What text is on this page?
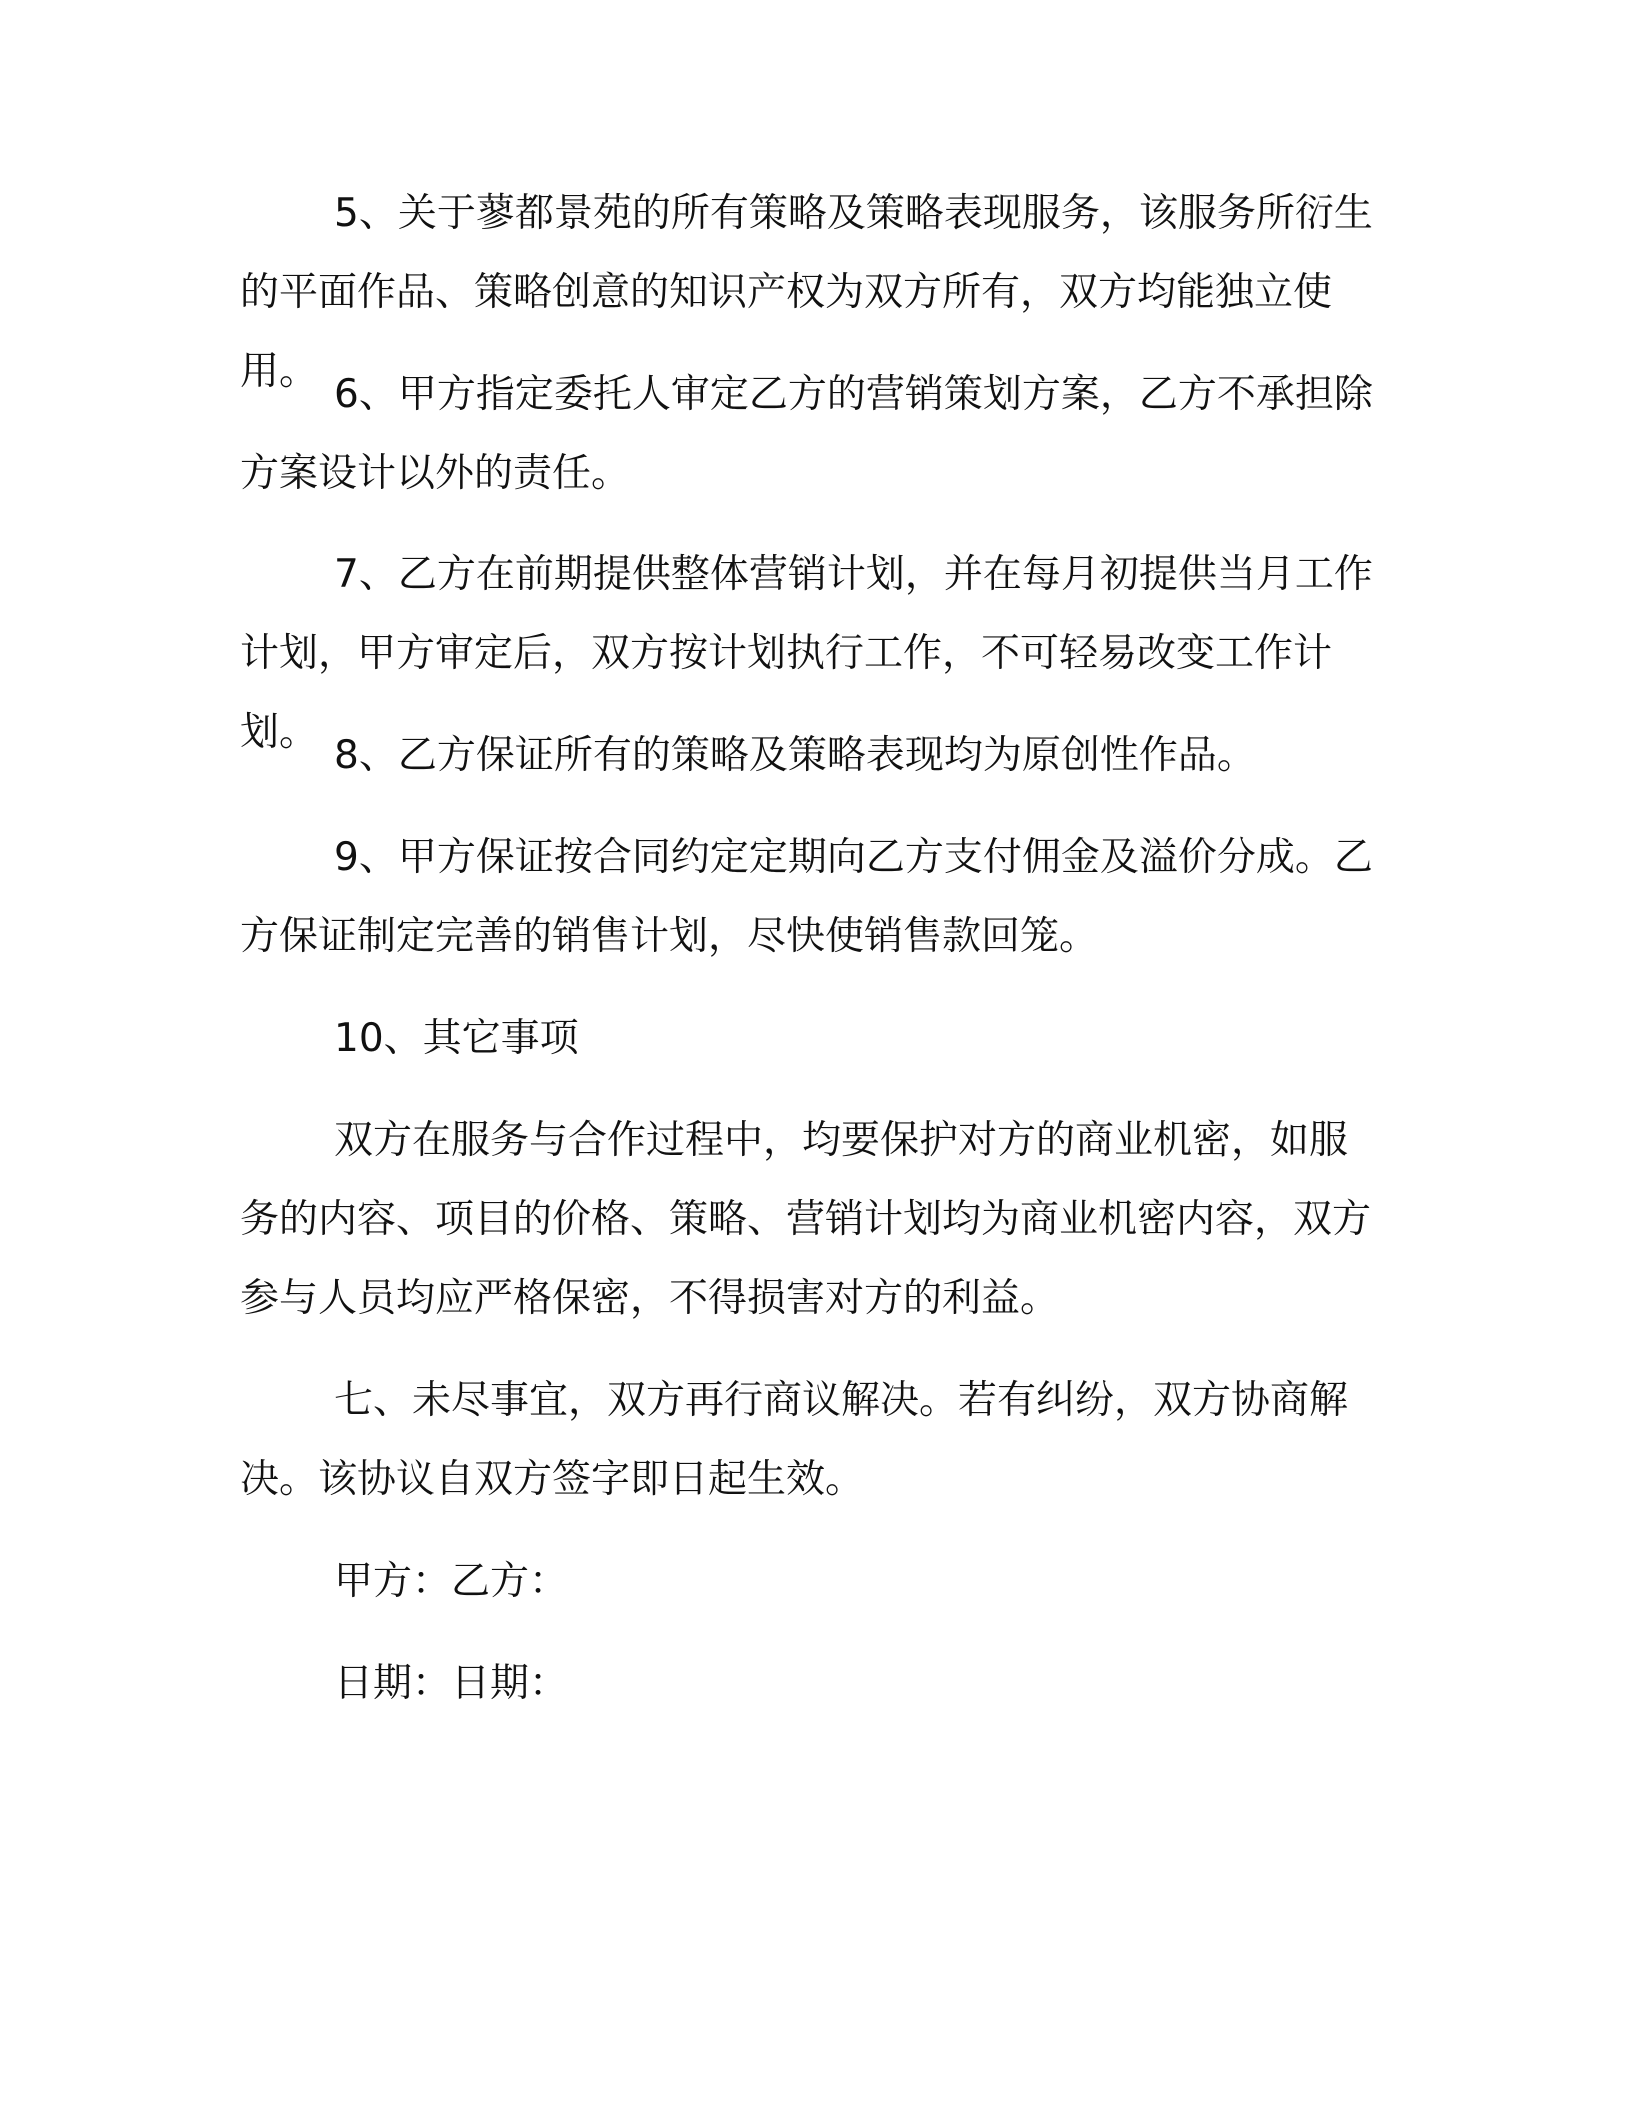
5、关于蓼都景苑的所有策略及策略表现服务，该服务所衍生的平面作品、策略创意的知识产权为双方所有，双方均能独立使用。

6、甲方指定委托人审定乙方的营销策划方案，乙方不承担除方案设计以外的责任。

7、乙方在前期提供整体营销计划，并在每月初提供当月工作计划，甲方审定后，双方按计划执行工作，不可轻易改变工作计划。

8、乙方保证所有的策略及策略表现均为原创性作品。

9、甲方保证按合同约定定期向乙方支付佣金及溢价分成。乙方保证制定完善的销售计划，尽快使销售款回笼。

10、其它事项

双方在服务与合作过程中，均要保护对方的商业机密，如服务的内容、项目的价格、策略、营销计划均为商业机密内容，双方参与人员均应严格保密，不得损害对方的利益。

七、未尽事宜，双方再行商议解决。若有纠纷，双方协商解决。该协议自双方签字即日起生效。

甲方：乙方：

日期：日期：
